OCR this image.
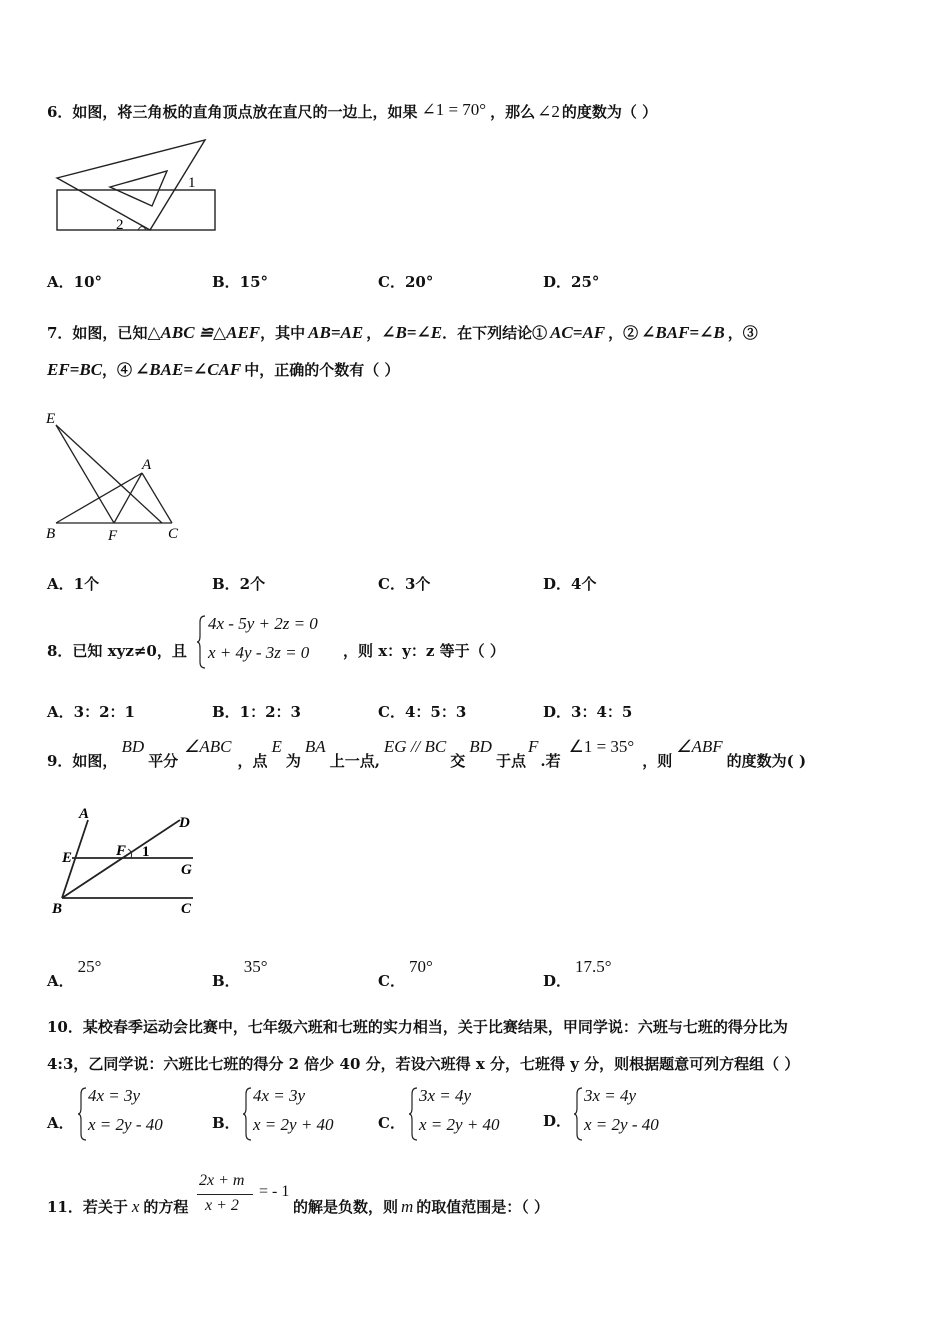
6．如图，将三角板的直角顶点放在直尺的一边上，如果 ∠1 = 70° ，那么 ∠2 的度数为（ ）
1
2
A．10°	B．15°	C．20°	D．25°
7．如图，已知△ABC ≌△AEF，其中 AB=AE ，∠B=∠E．在下列结论① AC=AF ，② ∠BAF=∠B ，③
EF=BC，④ ∠BAE=∠CAF 中，正确的个数有（ ）
E
A
B	F	C
A．1个	B．2个	C．3个	D．4个
8．已知 xyz≠0，且
4x - 5y + 2z = 0
x + 4y - 3z = 0 ，则 x：y：z 等于（ ）
A．3：2：1	B．1：2：3	C．4：5：3	D．3：4：5
9．如图，BD平分∠ABC，点E为BA上一点,EG // BC交BD于点F.若∠1 = 35°，则∠ABF的度数为( )
A
D
E	F 1
G
B	C
A．25°
B．35°
C．70°
D．17.5°
10．某校春季运动会比赛中，七年级六班和七班的实力相当，关于比赛结果，甲同学说：六班与七班的得分比为
4:3，乙同学说：六班比七班的得分 2 倍少 40 分，若设六班得 x 分，七班得 y 分，则根据题意可列方程组（ ）
A．
4x = 3y
x = 2y - 40	B．
4x = 3y
x = 2y + 40	C．
3x = 4y
x = 2y + 40	D．
3x = 4y
x = 2y - 40
11．若关于 x 的方程
2x + m
x + 2
= - 1
的解是负数，则 m 的取值范围是：（ ）
